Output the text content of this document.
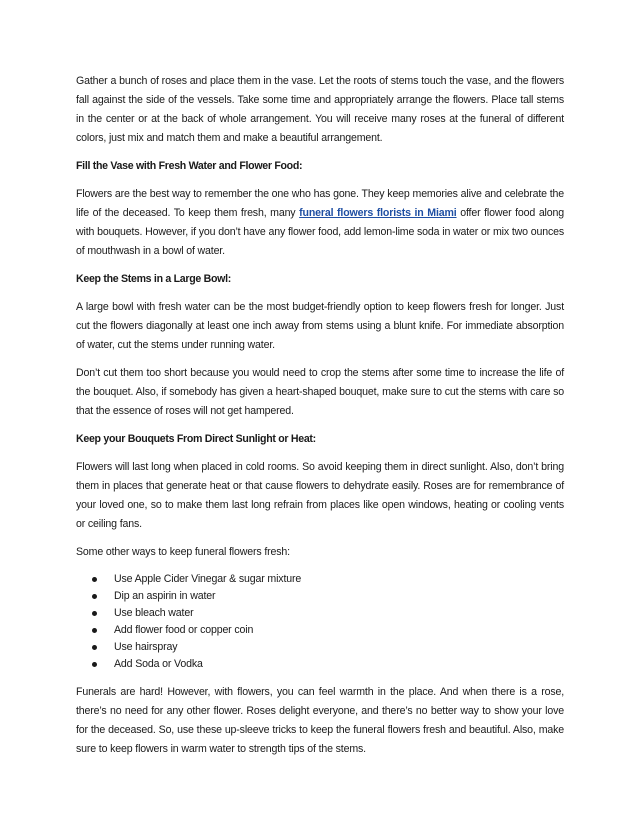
Gather a bunch of roses and place them in the vase. Let the roots of stems touch the vase, and the flowers fall against the side of the vessels. Take some time and appropriately arrange the flowers. Place tall stems in the center or at the back of whole arrangement. You will receive many roses at the funeral of different colors, just mix and match them and make a beautiful arrangement.

Fill the Vase with Fresh Water and Flower Food:

Flowers are the best way to remember the one who has gone. They keep memories alive and celebrate the life of the deceased. To keep them fresh, many funeral flowers florists in Miami offer flower food along with bouquets. However, if you don’t have any flower food, add lemon-lime soda in water or mix two ounces of mouthwash in a bowl of water.

Keep the Stems in a Large Bowl:

A large bowl with fresh water can be the most budget-friendly option to keep flowers fresh for longer. Just cut the flowers diagonally at least one inch away from stems using a blunt knife. For immediate absorption of water, cut the stems under running water.

Don’t cut them too short because you would need to crop the stems after some time to increase the life of the bouquet. Also, if somebody has given a heart-shaped bouquet, make sure to cut the stems with care so that the essence of roses will not get hampered.

Keep your Bouquets From Direct Sunlight or Heat:

Flowers will last long when placed in cold rooms. So avoid keeping them in direct sunlight. Also, don’t bring them in places that generate heat or that cause flowers to dehydrate easily. Roses are for remembrance of your loved one, so to make them last long refrain from places like open windows, heating or cooling vents or ceiling fans.

Some other ways to keep funeral flowers fresh:

Use Apple Cider Vinegar & sugar mixture
Dip an aspirin in water
Use bleach water
Add flower food or copper coin
Use hairspray
Add Soda or Vodka

Funerals are hard! However, with flowers, you can feel warmth in the place. And when there is a rose, there’s no need for any other flower. Roses delight everyone, and there’s no better way to show your love for the deceased. So, use these up-sleeve tricks to keep the funeral flowers fresh and beautiful. Also, make sure to keep flowers in warm water to strength tips of the stems.
